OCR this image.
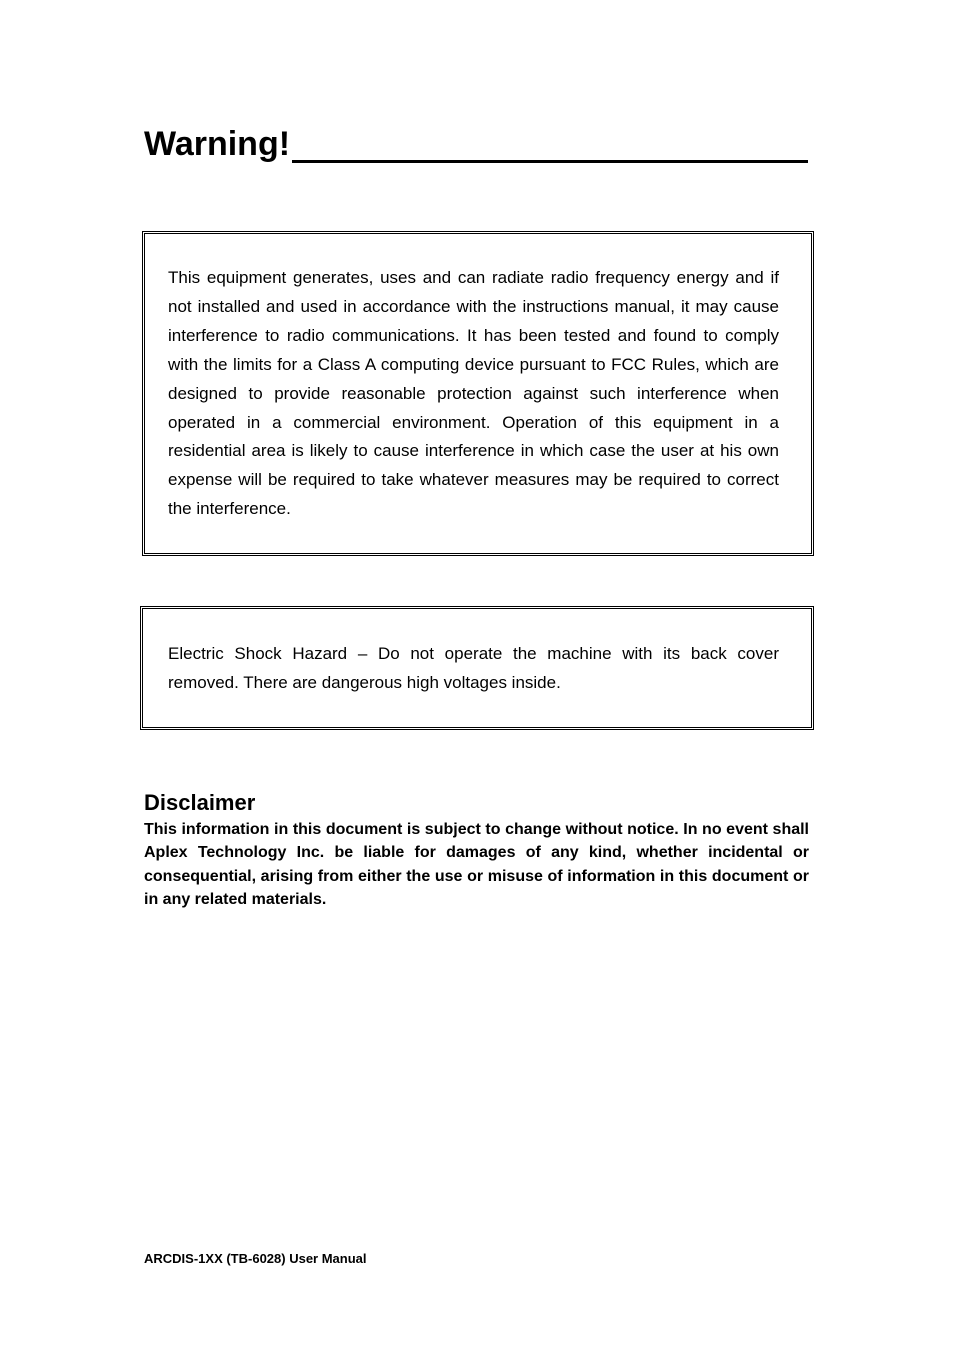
Warning!

This equipment generates, uses and can radiate radio frequency energy and if not installed and used in accordance with the instructions manual, it may cause interference to radio communications. It has been tested and found to comply with the limits for a Class A computing device pursuant to FCC Rules, which are designed to provide reasonable protection against such interference when operated in a commercial environment. Operation of this equipment in a residential area is likely to cause interference in which case the user at his own expense will be required to take whatever measures may be required to correct the interference.

Electric Shock Hazard – Do not operate the machine with its back cover removed. There are dangerous high voltages inside.

Disclaimer

This information in this document is subject to change without notice. In no event shall Aplex Technology Inc. be liable for damages of any kind, whether incidental or consequential, arising from either the use or misuse of information in this document or in any related materials.

ARCDIS-1XX (TB-6028) User Manual
